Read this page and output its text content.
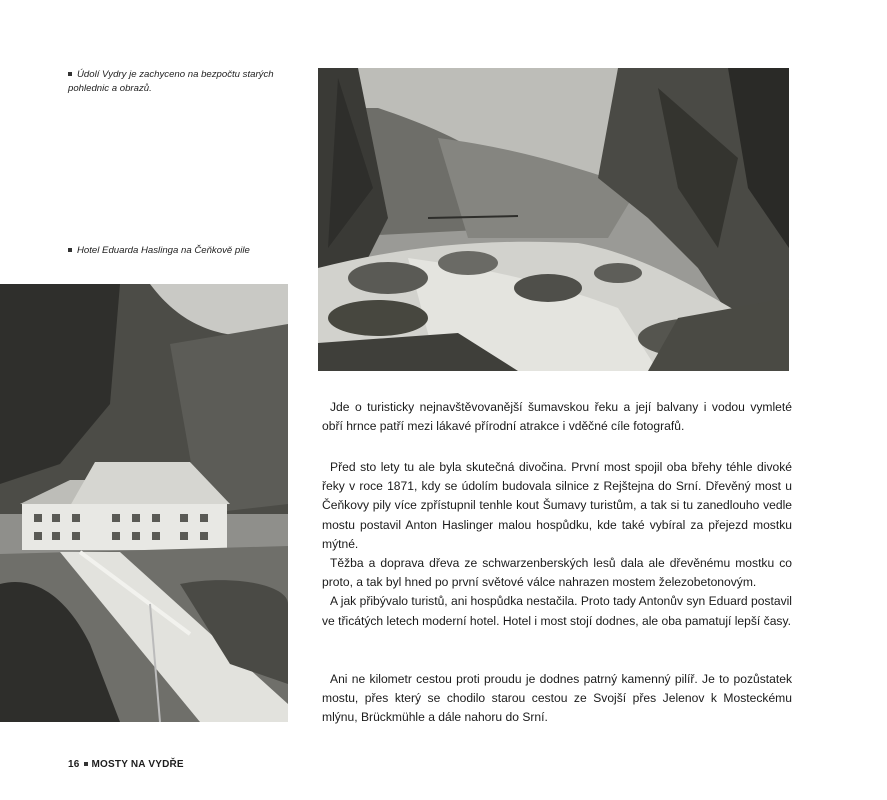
Údolí Vydry je zachyceno na bezpočtu starých pohlednic a obrazů.
Hotel Eduarda Haslinga na Čeňkově pile

Jde o turisticky nejnavštěvovanější šumavskou řeku a její balvany i vodou vymleté obří hrnce patří mezi lákavé přírodní atrakce i vděčné cíle fotografů.

Před sto lety tu ale byla skutečná divočina. První most spojil oba břehy téhle divoké řeky v roce 1871, kdy se údolím budovala silnice z Rejštejna do Srní. Dřevěný most u Čeňkovy pily více zpřístupnil tenhle kout Šumavy turistům, a tak si tu zanedlouho vedle mostu postavil Anton Haslinger malou hospůdku, kde také vybíral za přejezd mostku mýtné.

Těžba a doprava dřeva ze schwarzenberských lesů dala ale dřevěnému mostku co proto, a tak byl hned po první světové válce nahrazen mostem železobetonovým.

A jak přibývalo turistů, ani hospůdka nestačila. Proto tady Antonův syn Eduard postavil ve třicátých letech moderní hotel. Hotel i most stojí dodnes, ale oba pamatují lepší časy.

Ani ne kilometr cestou proti proudu je dodnes patrný kamenný pilíř. Je to pozůstatek mostu, přes který se chodilo starou cestou ze Svojší přes Jelenov k Mosteckému mlýnu, Brückmühle a dále nahoru do Srní.

16 MOSTY NA VYDŘE
